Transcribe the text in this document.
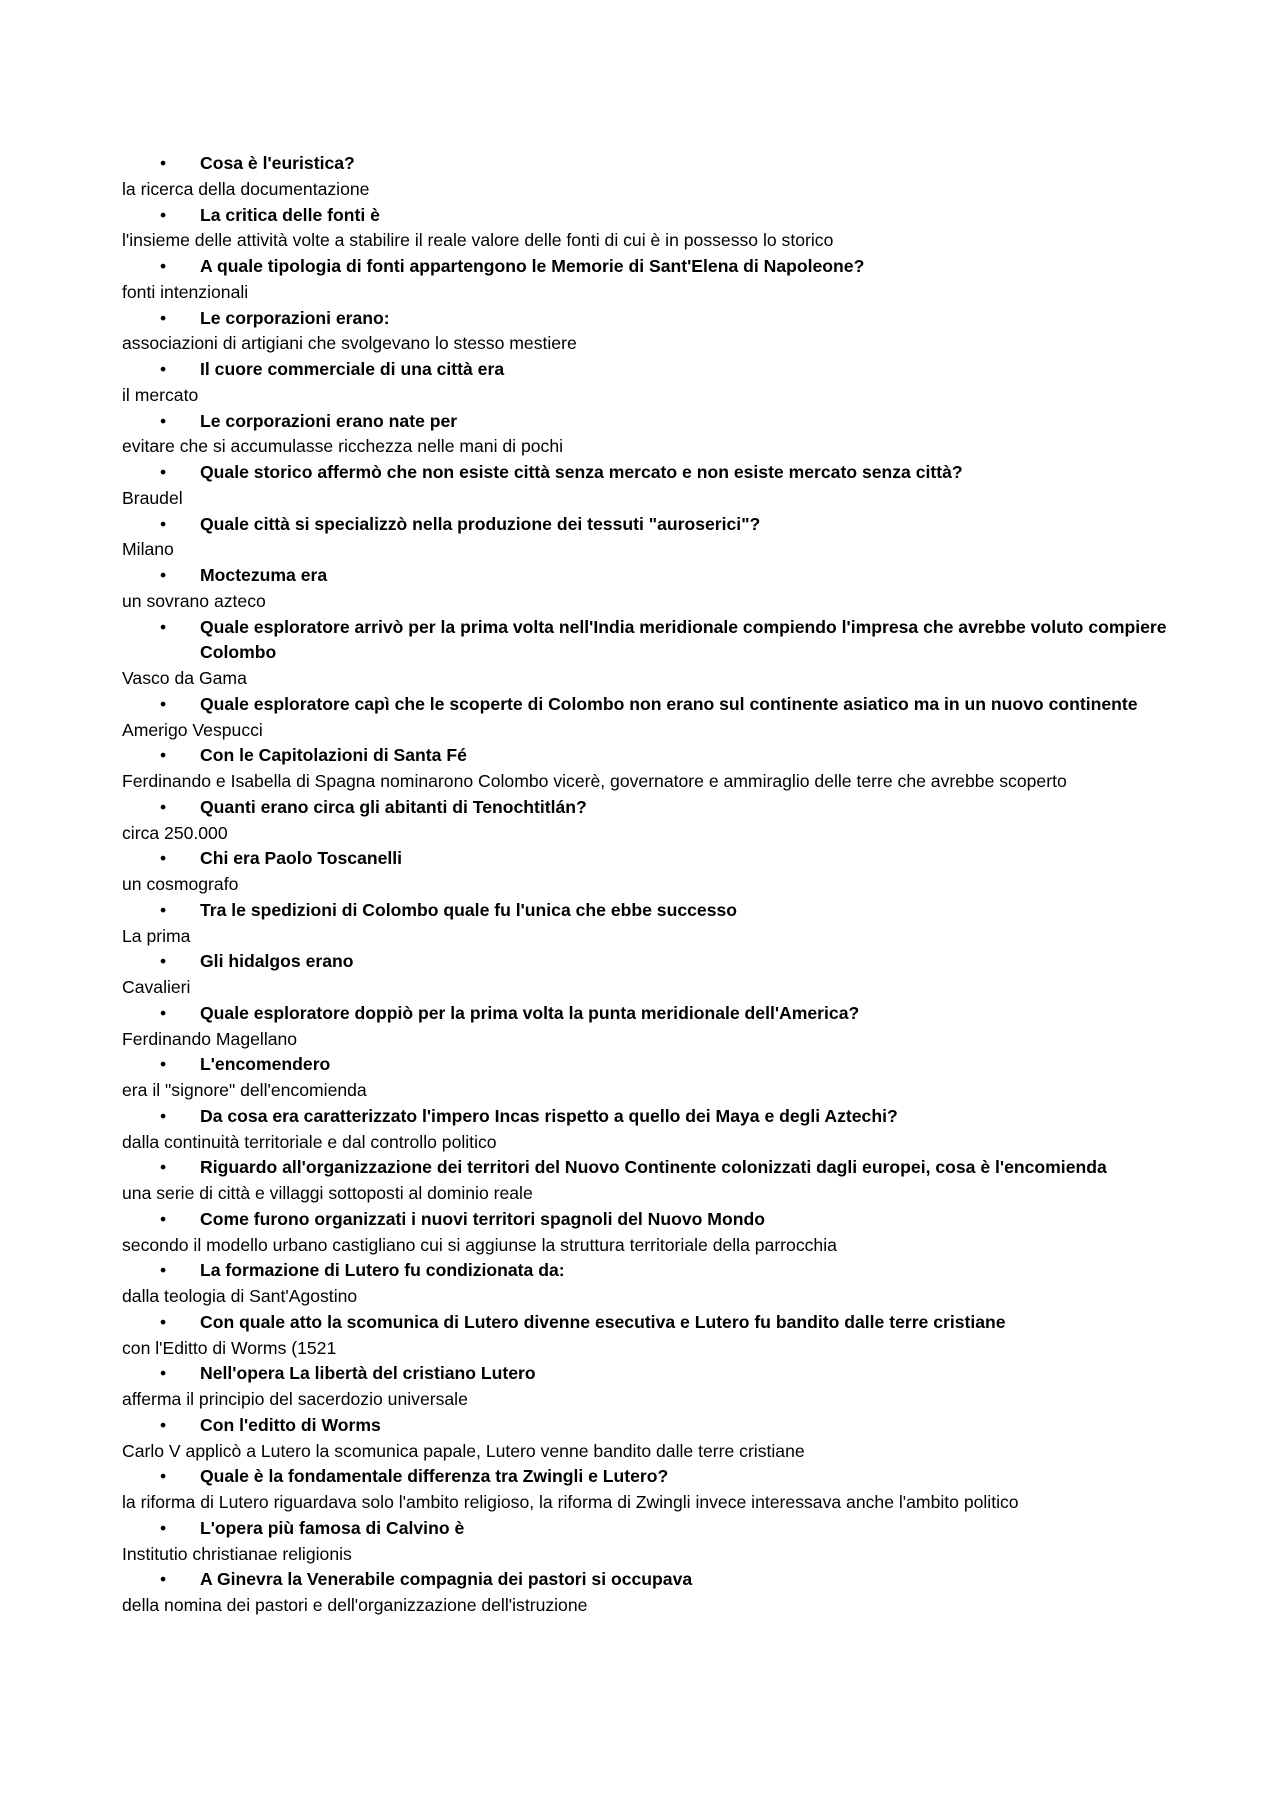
• Cosa è l'euristica?
la ricerca della documentazione
• La critica delle fonti è
l'insieme delle attività volte a stabilire il reale valore delle fonti di cui è in possesso lo storico
• A quale tipologia di fonti appartengono le Memorie di Sant'Elena di Napoleone?
fonti intenzionali
• Le corporazioni erano:
associazioni di artigiani che svolgevano lo stesso mestiere
• Il cuore commerciale di una città era
il mercato
• Le corporazioni erano nate per
evitare che si accumulasse ricchezza nelle mani di pochi
• Quale storico affermò che non esiste città senza mercato e non esiste mercato senza città?
Braudel
• Quale città si specializzò nella produzione dei tessuti "auroserici"?
Milano
• Moctezuma era
un sovrano azteco
• Quale esploratore arrivò per la prima volta nell'India meridionale compiendo l'impresa che avrebbe voluto compiere Colombo
Vasco da Gama
• Quale esploratore capì che le scoperte di Colombo non erano sul continente asiatico ma in un nuovo continente
Amerigo Vespucci
• Con le Capitolazioni di Santa Fé
Ferdinando e Isabella di Spagna nominarono Colombo vicerè, governatore e ammiraglio delle terre che avrebbe scoperto
• Quanti erano circa gli abitanti di Tenochtitlán?
circa 250.000
• Chi era Paolo Toscanelli
un cosmografo
• Tra le spedizioni di Colombo quale fu l'unica che ebbe successo
La prima
• Gli hidalgos erano
Cavalieri
• Quale esploratore doppiò per la prima volta la punta meridionale dell'America?
Ferdinando Magellano
• L'encomendero
era il "signore" dell'encomienda
• Da cosa era caratterizzato l'impero Incas rispetto a quello dei Maya e degli Aztechi?
dalla continuità territoriale e dal controllo politico
• Riguardo all'organizzazione dei territori del Nuovo Continente colonizzati dagli europei, cosa è l'encomienda
una serie di città e villaggi sottoposti al dominio reale
• Come furono organizzati i nuovi territori spagnoli del Nuovo Mondo
secondo il modello urbano castigliano cui si aggiunse la struttura territoriale della parrocchia
• La formazione di Lutero fu condizionata da:
dalla teologia di Sant'Agostino
• Con quale atto la scomunica di Lutero divenne esecutiva e Lutero fu bandito dalle terre cristiane
con l'Editto di Worms (1521
• Nell'opera La libertà del cristiano Lutero
afferma il principio del sacerdozio universale
• Con l'editto di Worms
Carlo V applicò a Lutero la scomunica papale, Lutero venne bandito dalle terre cristiane
• Quale è la fondamentale differenza tra Zwingli e Lutero?
la riforma di Lutero riguardava solo l'ambito religioso, la riforma di Zwingli invece interessava anche l'ambito politico
• L'opera più famosa di Calvino è
Institutio christianae religionis
• A Ginevra la Venerabile compagnia dei pastori si occupava
della nomina dei pastori e dell'organizzazione dell'istruzione
